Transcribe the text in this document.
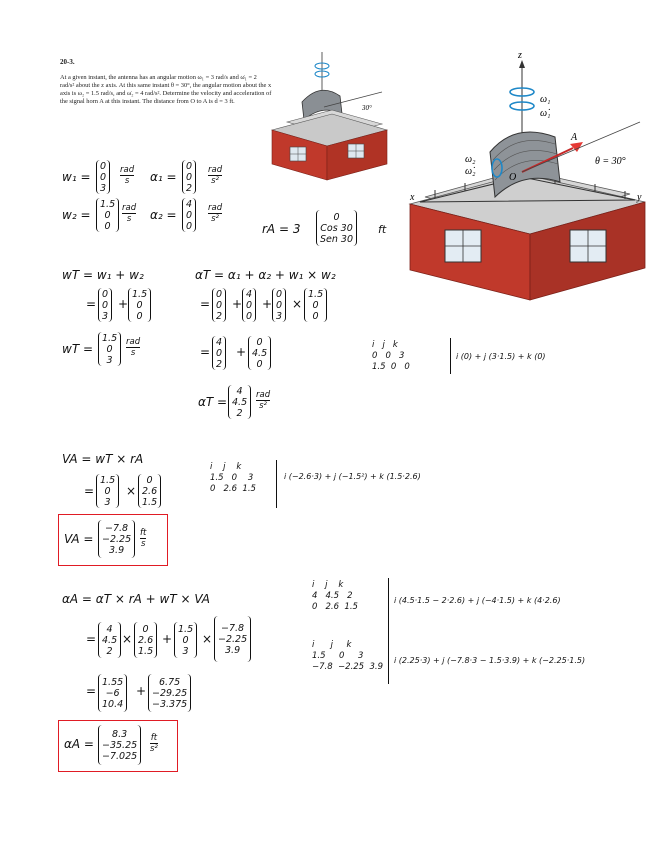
20-3.
At a given instant, the antenna has an angular motion ω₁ = 3 rad/s and ω̇₁ = 2 rad/s² about the z axis. At this same instant θ = 30°, the angular motion about the x axis is ω₂ = 1.5 rad/s, and ω̇₂ = 4 rad/s². Determine the velocity and acceleration of the signal horn A at this instant. The distance from O to A is d = 3 ft.
30°
z
ω₁
ω̇₁
A
O
ω₂
ω̇₂
θ = 30°
x	y
w₁ =
0
0
3
rad
s	α₁ =
0
0
2
rad
s²
w₂ =
1.5
0
0
rad
s	α₂ =
4
0
0
rad
s²
rA = 3
0
Cos 30
Sen 30
ft
wT = w₁ + w₂
=
0
0
3
+
1.5
0
0
wT =
1.5
0
3
rad
s
αT = α₁ + α₂ + w₁ × w₂
=
0
0
2
+
4
0
0
+
0
0
3
×
1.5
0
0
=
4
0
2
+
0
4.5
0
αT =
4
4.5
2
rad
s²
i   j   k
0   0   3
1.5  0   0
i (0) + j (3·1.5) + k (0)
VA = wT × rA
=
1.5
0
3
×
0
2.6
1.5
i    j    k
1.5   0    3
0   2.6  1.5
i (−2.6·3) + j (−1.5²) + k (1.5·2.6)
VA =
−7.8
−2.25
3.9
ft
s
αA = αT × rA + wT × VA
=
4
4.5
2
×
0
2.6
1.5
+
1.5
0
3
×
−7.8
−2.25
3.9
=
1.55
−6
10.4
+
6.75
−29.25
−3.375
i    j    k
4   4.5   2
0   2.6  1.5
i      j     k
1.5     0     3
−7.8  −2.25  3.9
i (4.5·1.5 − 2·2.6) + j (−4·1.5) + k (4·2.6)
i (2.25·3) + j (−7.8·3 − 1.5·3.9) + k (−2.25·1.5)
αA =
8.3
−35.25
−7.025
ft
s²
